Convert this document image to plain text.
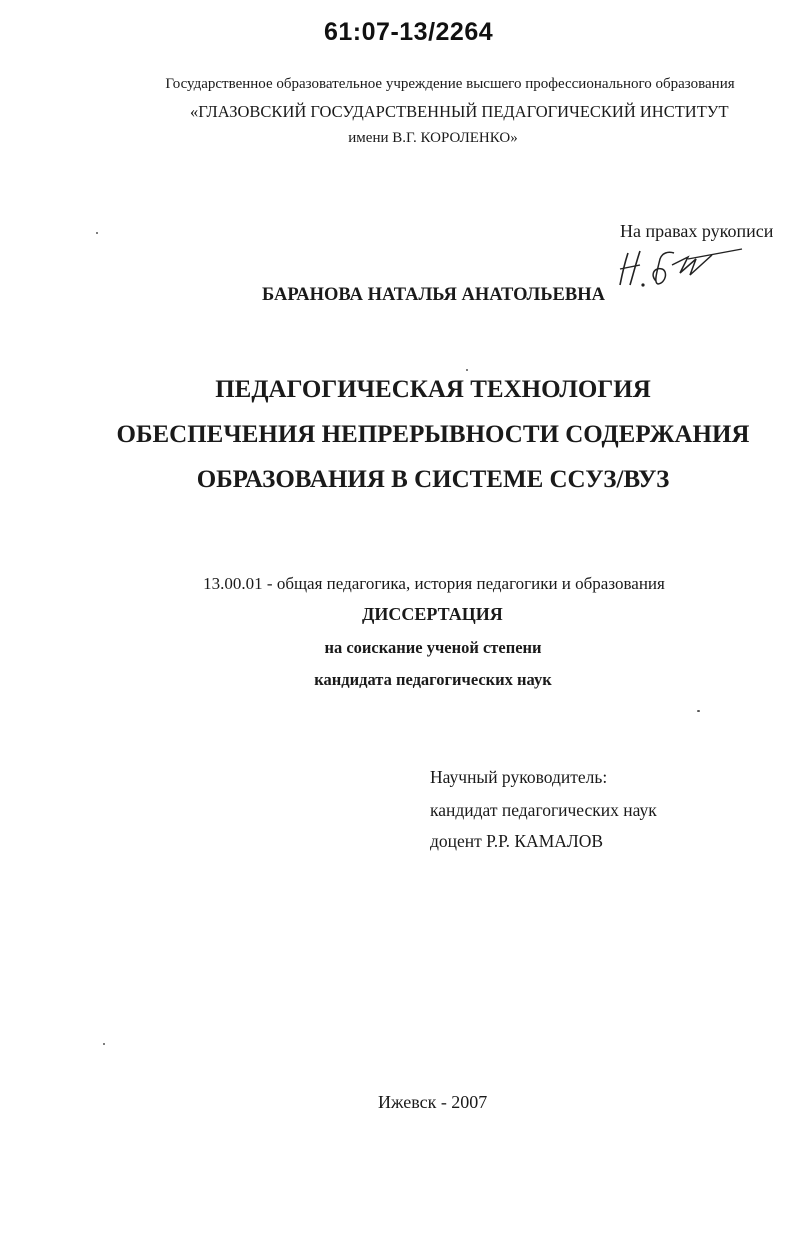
61:07-13/2264
Государственное образовательное учреждение высшего профессионального образования
«ГЛАЗОВСКИЙ ГОСУДАРСТВЕННЫЙ ПЕДАГОГИЧЕСКИЙ ИНСТИТУТ
имени В.Г. КОРОЛЕНКО»
На правах рукописи
БАРАНОВА НАТАЛЬЯ АНАТОЛЬЕВНА
ПЕДАГОГИЧЕСКАЯ ТЕХНОЛОГИЯ
ОБЕСПЕЧЕНИЯ НЕПРЕРЫВНОСТИ СОДЕРЖАНИЯ
ОБРАЗОВАНИЯ В СИСТЕМЕ ССУЗ/ВУЗ
13.00.01 - общая педагогика, история педагогики и образования
ДИССЕРТАЦИЯ
на соискание ученой степени
кандидата педагогических наук
Научный руководитель:
кандидат педагогических наук
доцент Р.Р. КАМАЛОВ
Ижевск - 2007
